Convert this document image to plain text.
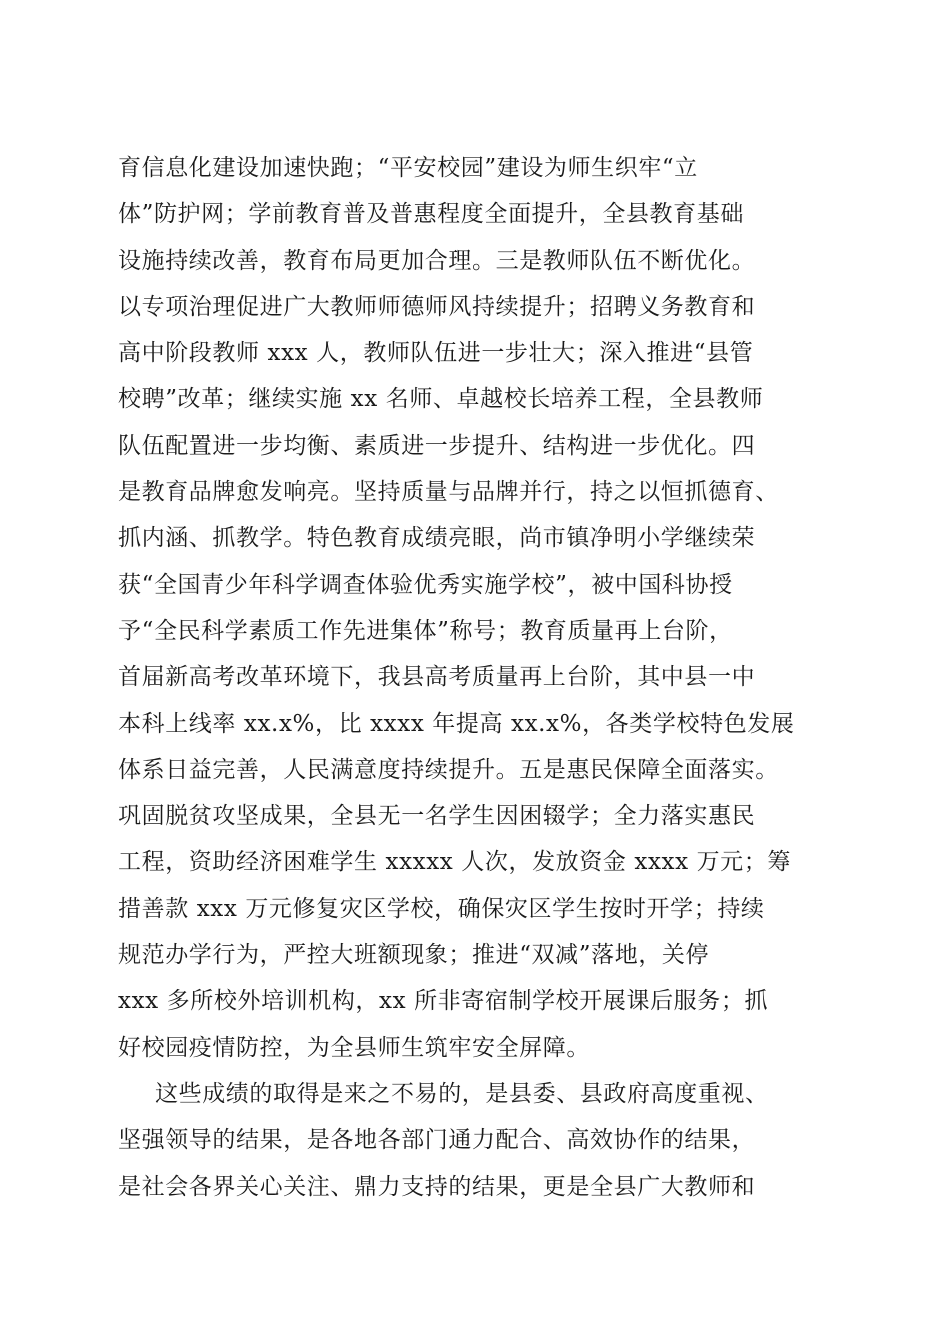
育信息化建设加速快跑；“平安校园”建设为师生织牢“立
体”防护网；学前教育普及普惠程度全面提升，全县教育基础
设施持续改善，教育布局更加合理。三是教师队伍不断优化。
以专项治理促进广大教师师德师风持续提升；招聘义务教育和
高中阶段教师 xxx 人，教师队伍进一步壮大；深入推进“县管
校聘”改革；继续实施 xx 名师、卓越校长培养工程，全县教师
队伍配置进一步均衡、素质进一步提升、结构进一步优化。四
是教育品牌愈发响亮。坚持质量与品牌并行，持之以恒抓德育、
抓内涵、抓教学。特色教育成绩亮眼，尚市镇净明小学继续荣
获“全国青少年科学调查体验优秀实施学校”，被中国科协授
予“全民科学素质工作先进集体”称号；教育质量再上台阶，
首届新高考改革环境下，我县高考质量再上台阶，其中县一中
本科上线率 xx.x%，比 xxxx 年提高 xx.x%，各类学校特色发展
体系日益完善，人民满意度持续提升。五是惠民保障全面落实。
巩固脱贫攻坚成果，全县无一名学生因困辍学；全力落实惠民
工程，资助经济困难学生 xxxxx 人次，发放资金 xxxx 万元；筹
措善款 xxx 万元修复灾区学校，确保灾区学生按时开学；持续
规范办学行为，严控大班额现象；推进“双减”落地，关停
xxx 多所校外培训机构，xx 所非寄宿制学校开展课后服务；抓
好校园疫情防控，为全县师生筑牢安全屏障。
这些成绩的取得是来之不易的，是县委、县政府高度重视、
坚强领导的结果，是各地各部门通力配合、高效协作的结果，
是社会各界关心关注、鼎力支持的结果，更是全县广大教师和
